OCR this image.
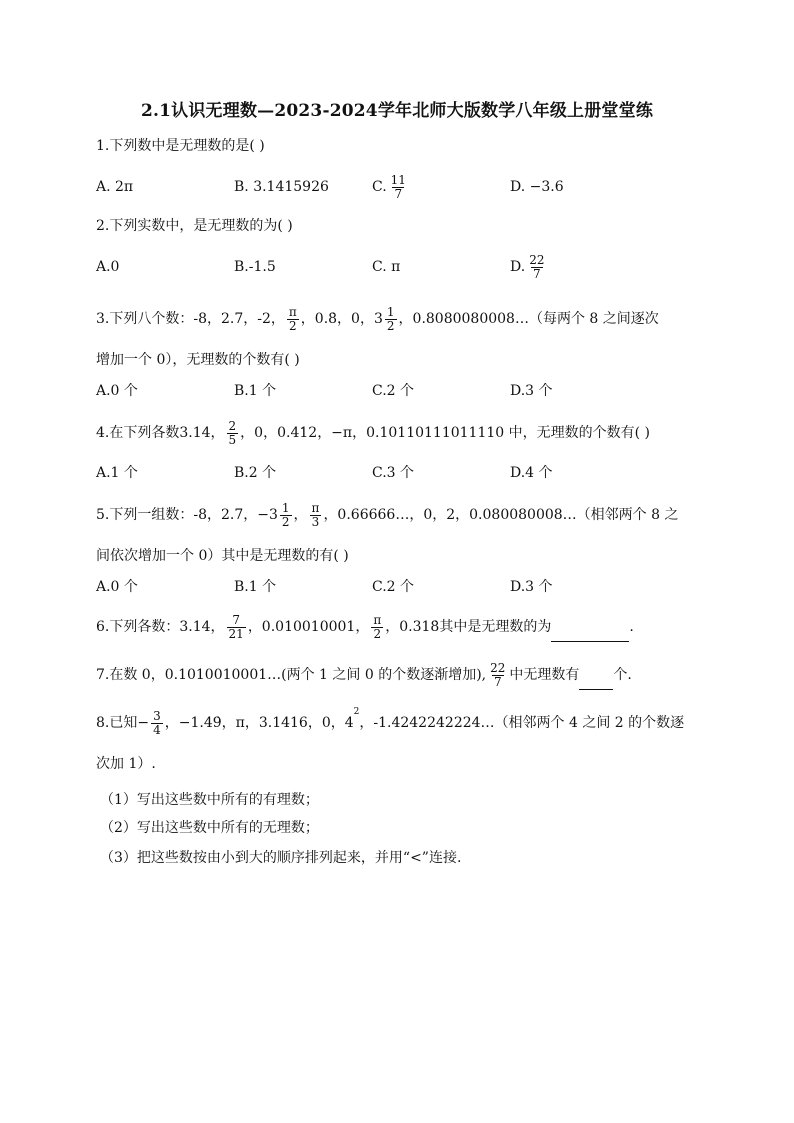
2.1认识无理数—2023-2024学年北师大版数学八年级上册堂堂练
1.下列数中是无理数的是( )
A. 2π	B. 3.1415926	C. $\frac{11}{7}$	D. −3.6
2.下列实数中，是无理数的为( )
A.0	B.-1.5	C. π	D. $\frac{22}{7}$
3.下列八个数：-8，2.7，-2， $\frac{\pi}{2}$ ，0.8̇，0，$3 \frac{1}{2}$ ，0.8080080008…（每两个 8 之间逐次
增加一个 0），无理数的个数有( )
A.0 个	B.1 个	C.2 个	D.3 个
4.在下列各数3.14， $\frac{2}{5}$ ，0，0.4· 12，−π，0.10110111011110 中，无理数的个数有( )
A.1 个	B.2 个	C.3 个	D.4 个
5.下列一组数：-8，2.7，$-3 \frac{1}{2}$ ， $\frac{\pi}{3}$ ，0.66666…，0，2，0.080080008…（相邻两个 8 之
间依次增加一个 0）其中是无理数的有( )
A.0 个	B.1 个	C.2 个	D.3 个
6.下列各数：3.14， $\frac{7}{21}$ ，0.010010001， $\frac{\pi}{2}$ ，0.318̇其中是无理数的为	.
7.在数 0，0.1010010001…(两个 1 之间 0 的个数逐渐增加), $\frac{22}{7}$ 中无理数有 个.
8.已知− $\frac{3}{4}$ ，−1.4̇9̇，π，3.1416，0，$4^2$，-1.4242242224…（相邻两个 4 之间 2 的个数逐
次加 1）.
（1）写出这些数中所有的有理数；
（2）写出这些数中所有的无理数；
（3）把这些数按由小到大的顺序排列起来，并用“<”连接.
